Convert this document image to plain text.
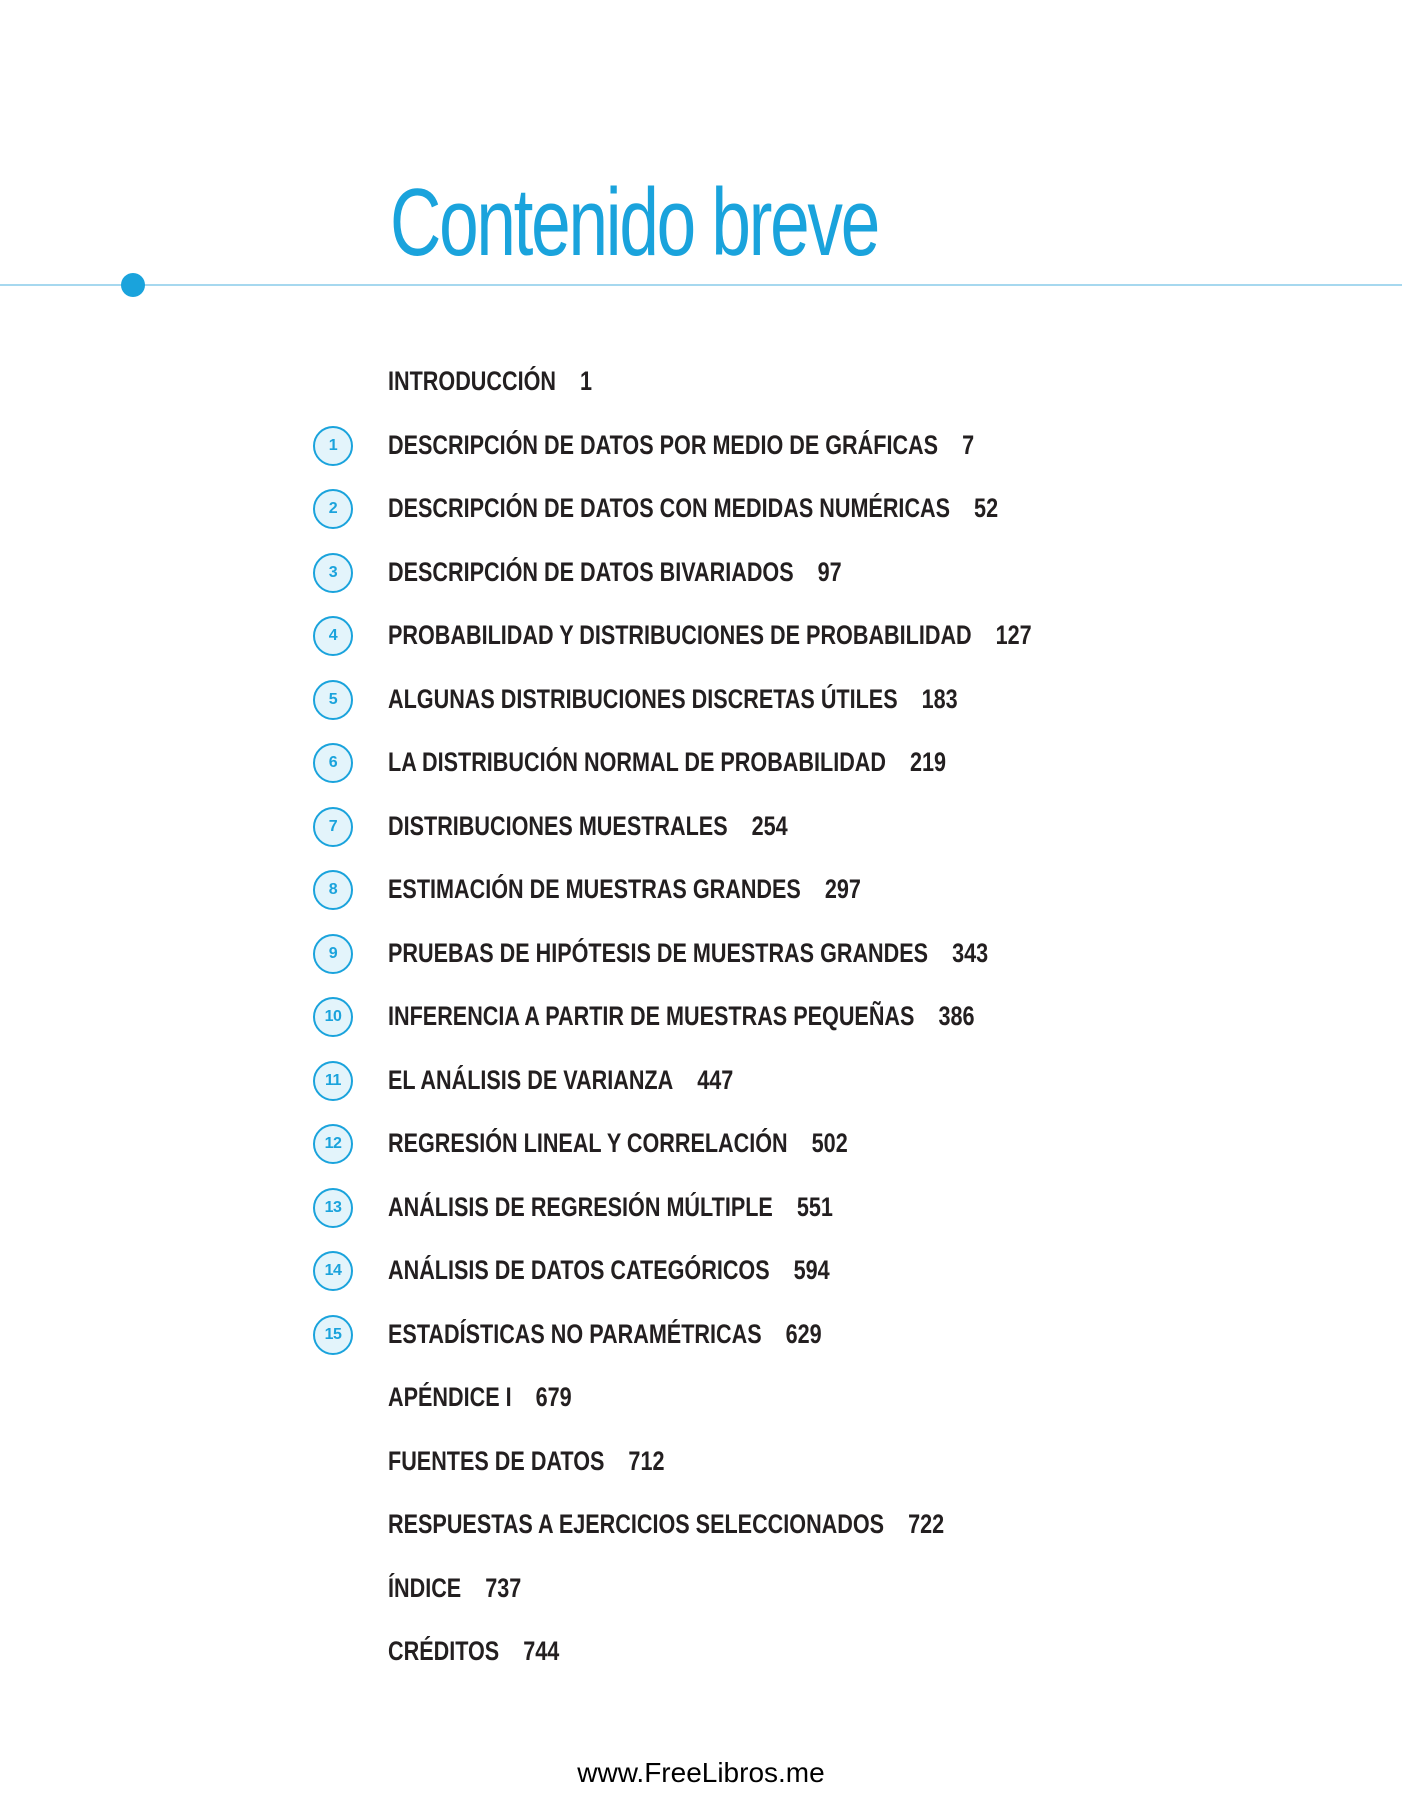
Contenido breve
INTRODUCCIÓN 1
1	DESCRIPCIÓN DE DATOS POR MEDIO DE GRÁFICAS 7
2	DESCRIPCIÓN DE DATOS CON MEDIDAS NUMÉRICAS 52
3	DESCRIPCIÓN DE DATOS BIVARIADOS 97
4	PROBABILIDAD Y DISTRIBUCIONES DE PROBABILIDAD 127
5	ALGUNAS DISTRIBUCIONES DISCRETAS ÚTILES 183
6	LA DISTRIBUCIÓN NORMAL DE PROBABILIDAD 219
7	DISTRIBUCIONES MUESTRALES 254
8	ESTIMACIÓN DE MUESTRAS GRANDES 297
9	PRUEBAS DE HIPÓTESIS DE MUESTRAS GRANDES 343
10	INFERENCIA A PARTIR DE MUESTRAS PEQUEÑAS 386
11	EL ANÁLISIS DE VARIANZA 447
12	REGRESIÓN LINEAL Y CORRELACIÓN 502
13	ANÁLISIS DE REGRESIÓN MÚLTIPLE 551
14	ANÁLISIS DE DATOS CATEGÓRICOS 594
15	ESTADÍSTICAS NO PARAMÉTRICAS 629
APÉNDICE I 679
FUENTES DE DATOS 712
RESPUESTAS A EJERCICIOS SELECCIONADOS 722
ÍNDICE 737
CRÉDITOS 744
www.FreeLibros.me
